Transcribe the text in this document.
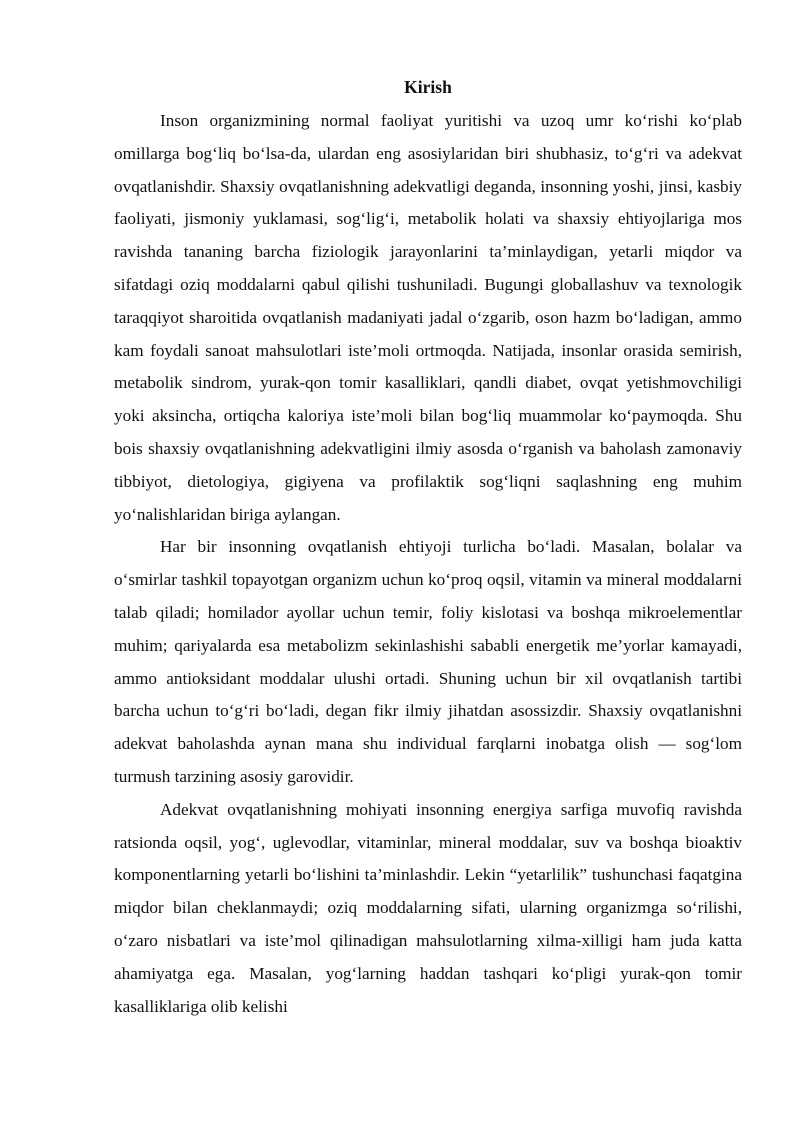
Kirish

Inson organizmining normal faoliyat yuritishi va uzoq umr ko‘rishi ko‘plab omillarga bog‘liq bo‘lsa-da, ulardan eng asosiylaridan biri shubhasiz, to‘g‘ri va adekvat ovqatlanishdir. Shaxsiy ovqatlanishning adekvatligi deganda, insonning yoshi, jinsi, kasbiy faoliyati, jismoniy yuklamasi, sog‘lig‘i, metabolik holati va shaxsiy ehtiyojlariga mos ravishda tananing barcha fiziologik jarayonlarini ta’minlaydigan, yetarli miqdor va sifatdagi oziq moddalarni qabul qilishi tushuniladi. Bugungi globallashuv va texnologik taraqqiyot sharoitida ovqatlanish madaniyati jadal o‘zgarib, oson hazm bo‘ladigan, ammo kam foydali sanoat mahsulotlari iste’moli ortmoqda. Natijada, insonlar orasida semirish, metabolik sindrom, yurak-qon tomir kasalliklari, qandli diabet, ovqat yetishmovchiligi yoki aksincha, ortiqcha kaloriya iste’moli bilan bog‘liq muammolar ko‘paymoqda. Shu bois shaxsiy ovqatlanishning adekvatligini ilmiy asosda o‘rganish va baholash zamonaviy tibbiyot, dietologiya, gigiyena va profilaktik sog‘liqni saqlashning eng muhim yo‘nalishlaridan biriga aylangan.

Har bir insonning ovqatlanish ehtiyoji turlicha bo‘ladi. Masalan, bolalar va o‘smirlar tashkil topayotgan organizm uchun ko‘proq oqsil, vitamin va mineral moddalarni talab qiladi; homilador ayollar uchun temir, foliy kislotasi va boshqa mikroelementlar muhim; qariyalarda esa metabolizm sekinlashishi sababli energetik me’yorlar kamayadi, ammo antioksidant moddalar ulushi ortadi. Shuning uchun bir xil ovqatlanish tartibi barcha uchun to‘g‘ri bo‘ladi, degan fikr ilmiy jihatdan asossizdir. Shaxsiy ovqatlanishni adekvat baholashda aynan mana shu individual farqlarni inobatga olish — sog‘lom turmush tarzining asosiy garovidir.

Adekvat ovqatlanishning mohiyati insonning energiya sarfiga muvofiq ravishda ratsionda oqsil, yog‘, uglevodlar, vitaminlar, mineral moddalar, suv va boshqa bioaktiv komponentlarning yetarli bo‘lishini ta’minlashdir. Lekin “yetarlilik” tushunchasi faqatgina miqdor bilan cheklanmaydi; oziq moddalarning sifati, ularning organizmga so‘rilishi, o‘zaro nisbatlari va iste’mol qilinadigan mahsulotlarning xilma-xilligi ham juda katta ahamiyatga ega. Masalan, yog‘larning haddan tashqari ko‘pligi yurak-qon tomir kasalliklariga olib kelishi
